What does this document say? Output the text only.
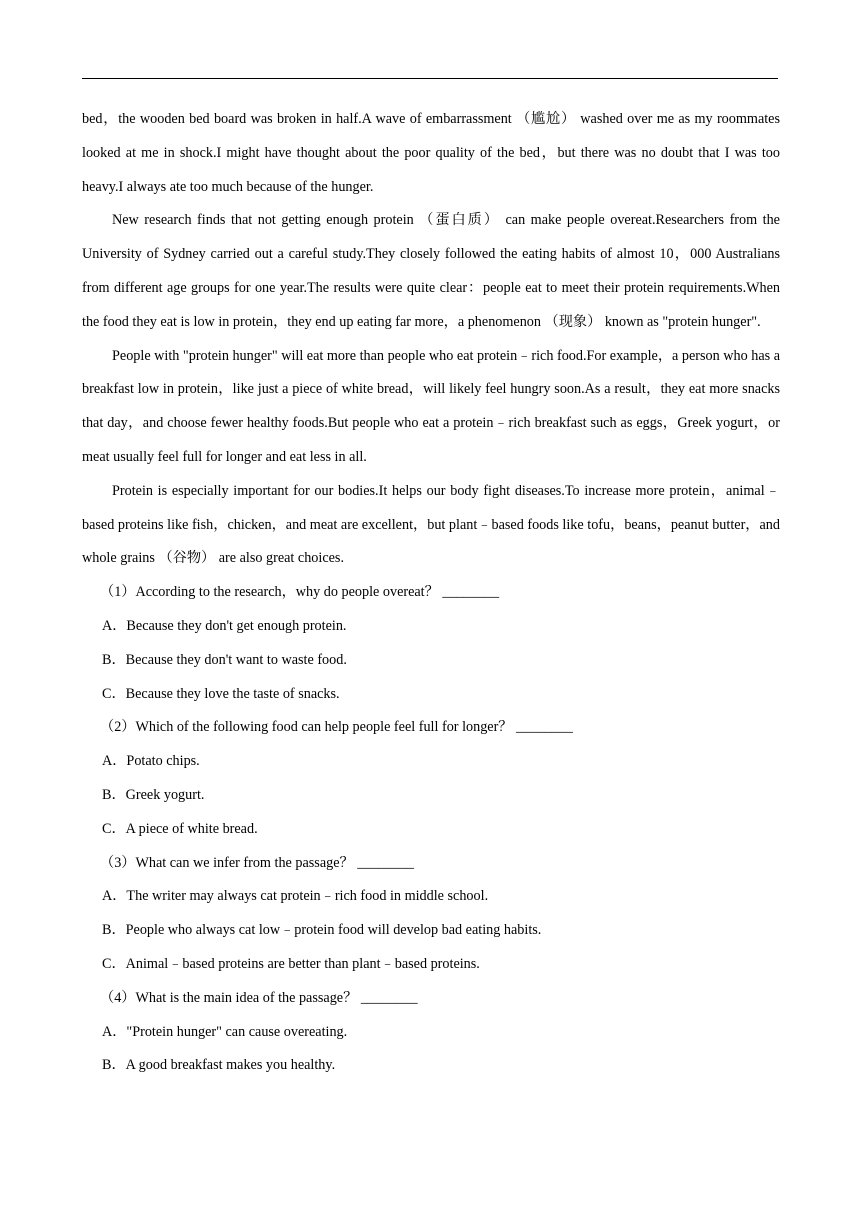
bed，the wooden bed board was broken in half.A wave of embarrassment （尴尬） washed over me as my roommates looked at me in shock.I might have thought about the poor quality of the bed，but there was no doubt that I was too heavy.I always ate too much because of the hunger.

New research finds that not getting enough protein （蛋白质） can make people overeat.Researchers from the University of Sydney carried out a careful study.They closely followed the eating habits of almost 10，000 Australians from different age groups for one year.The results were quite clear：people eat to meet their protein requirements.When the food they eat is low in protein，they end up eating far more，a phenomenon （现象） known as "protein hunger".

People with "protein hunger" will eat more than people who eat protein﹣rich food.For example，a person who has a breakfast low in protein，like just a piece of white bread，will likely feel hungry soon.As a result，they eat more snacks that day，and choose fewer healthy foods.But people who eat a protein﹣rich breakfast such as eggs，Greek yogurt，or meat usually feel full for longer and eat less in all.

Protein is especially important for our bodies.It helps our body fight diseases.To increase more protein，animal﹣based proteins like fish，chicken，and meat are excellent，but plant﹣based foods like tofu，beans，peanut butter，and whole grains （谷物） are also great choices.

（1）According to the research，why do people overeat？ ________

A．Because they don't get enough protein.

B．Because they don't want to waste food.

C．Because they love the taste of snacks.

（2）Which of the following food can help people feel full for longer？ ________

A．Potato chips.

B．Greek yogurt.

C．A piece of white bread.

（3）What can we infer from the passage？ ________

A．The writer may always cat protein﹣rich food in middle school.

B．People who always cat low﹣protein food will develop bad eating habits.

C．Animal﹣based proteins are better than plant﹣based proteins.

（4）What is the main idea of the passage？ ________

A．"Protein hunger" can cause overeating.

B．A good breakfast makes you healthy.
